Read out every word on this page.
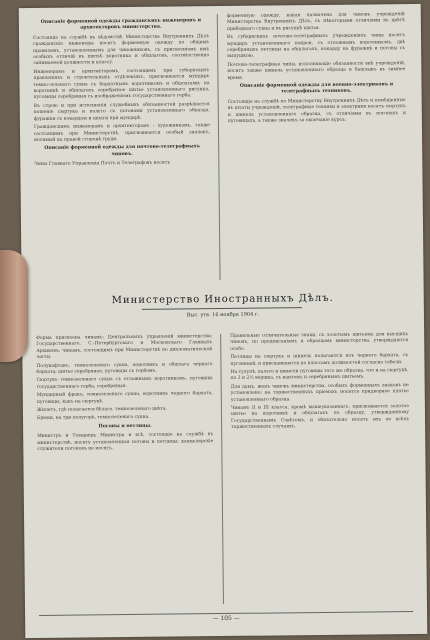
Описаніе форменной одежды гражданскихъ инженеровъ и архитекторовъ министерства.

Состоящіе на службѣ въ вѣдомствѣ Министерства Внутреннихъ Дѣлъ гражданскіе инженеры носятъ форменную одежду по общимъ правиламъ, установленнымъ для чиновниковъ, съ присвоеніемъ имъ особыхъ отличій въ шитьѣ воротника и обшлаговъ, соотвѣтственно занимаемой должности и классу.

Инженерамъ и архитекторамъ, состоящимъ при губернскихъ правленіяхъ и строительныхъ отдѣленіяхъ, присвоивается мундиръ темно-зеленаго сукна съ бархатнымъ воротникомъ и обшлагами; на воротникѣ и обшлагахъ серебряное шитье установленнаго рисунка, пуговицы серебряныя съ изображеніемъ государственнаго герба.

Въ строю и при исполненіи служебныхъ обязанностей разрѣшается ношеніе сюртука и пальто съ погонами установленнаго образца, фуражки съ кокардою и шпаги при мундирѣ.

Гражданскимъ инженерамъ и архитекторамъ - художникамъ, также состоящимъ при Министерствѣ, присвоивается особый значекъ, носимый на правой сторонѣ груди.

Описаніе форменной одежды для почтово-телеграфныхъ чиновъ.

Чины Главнаго Управленія Почтъ и Телеграфовъ носятъ

форменную одежду, какая назначена для чиновъ учрежденій Министерства Внутреннихъ Дѣлъ, съ нѣкоторыми отличіями въ цвѣтѣ приборнаго сукна и въ рисункѣ шитья.

Въ губернскихъ почтово-телеграфныхъ учрежденіяхъ чины носятъ мундиръ установленнаго покроя, съ отложнымъ воротникомъ, двѣ серебряныхъ петлицы на обшлагахъ, кокарду на фуражкѣ и погоны съ выпушкою.

Почтово-телеграфные чины, исполняющіе обязанности внѣ учрежденій, носятъ также шинель установленнаго образца и башлыкъ въ зимнее время.

Описаніе форменной одежды для военно-электриковъ и телеграфныхъ техниковъ.

Состоящіе на службѣ по Министерству Внутреннихъ Дѣлъ и помѣщенные въ штаты учрежденій, телеграфные техники и электрики носятъ сюртукъ и шинель установленнаго образца, съ отличіями въ погонахъ и пуговицахъ, а также значекъ за окончаніе курса.

Министерство Иностранныхъ Дѣлъ.
Выс. утв. 16 ноября 1904 г.

Форма присвоена чинамъ: Центральныхъ управленій министерства; Государственнаго, С.-Петербургскаго и Московскаго Главныхъ Архивовъ; чинамъ, состоящимъ при Министерствѣ по дипломатической части.

Полукафтанъ, темнозеленаго сукна, воротникъ и обшлага черного бархата; шитье серебряное, пуговицы съ гербомъ.

Сюртукъ темнозеленаго сукна съ отложнымъ воротникомъ, пуговицы государственнаго герба, серебряныя.

Мундирный фракъ, темнозеленаго сукна, воротникъ черного бархата, пуговицы, какъ на сюртукѣ.

Жилетъ, гдѣ полагается бѣлаго, темнозеленаго цвѣта.

Брюки, на три полугорѣ, темнозеленаго сукна.

Погоны и петлицы.

Министръ и Товарищъ Министра и всѣ, состоящіе на службѣ въ министерствѣ, носятъ установленныя погоны и петлицы; канцелярскіе служители погоновъ не носятъ.

Правильные отличительные знаки, съ золотымъ шитьемъ для высшихъ чиновъ, по предписаніямъ и образцамъ министерства, утверждаются особо.

Петлицы на сюртукъ и шинель полагаются изъ черного бархата, съ пуговицей, и присваиваются по классамъ должностей согласно табели.

На тулупѣ, пальто и шинели пуговицы того же образца, что и на сюртукѣ, по 2 и 2½ вершка, съ кантомъ и серебрянымъ шитьемъ.

Для дамъ, женъ чиновъ министерства, особыхъ форменныхъ знаковъ не установлено; на торжественныхъ пріемахъ носится придворное платье установленнаго образца.

Чинамъ II и III класса, кромѣ вышеуказаннаго, присвоивается золотое шитье на воротникѣ и обшлагахъ по образцу, утвержденному Государственнымъ Совѣтомъ, и обязательно носятъ ихъ во всѣхъ торжественныхъ случаяхъ.

— 105 —
